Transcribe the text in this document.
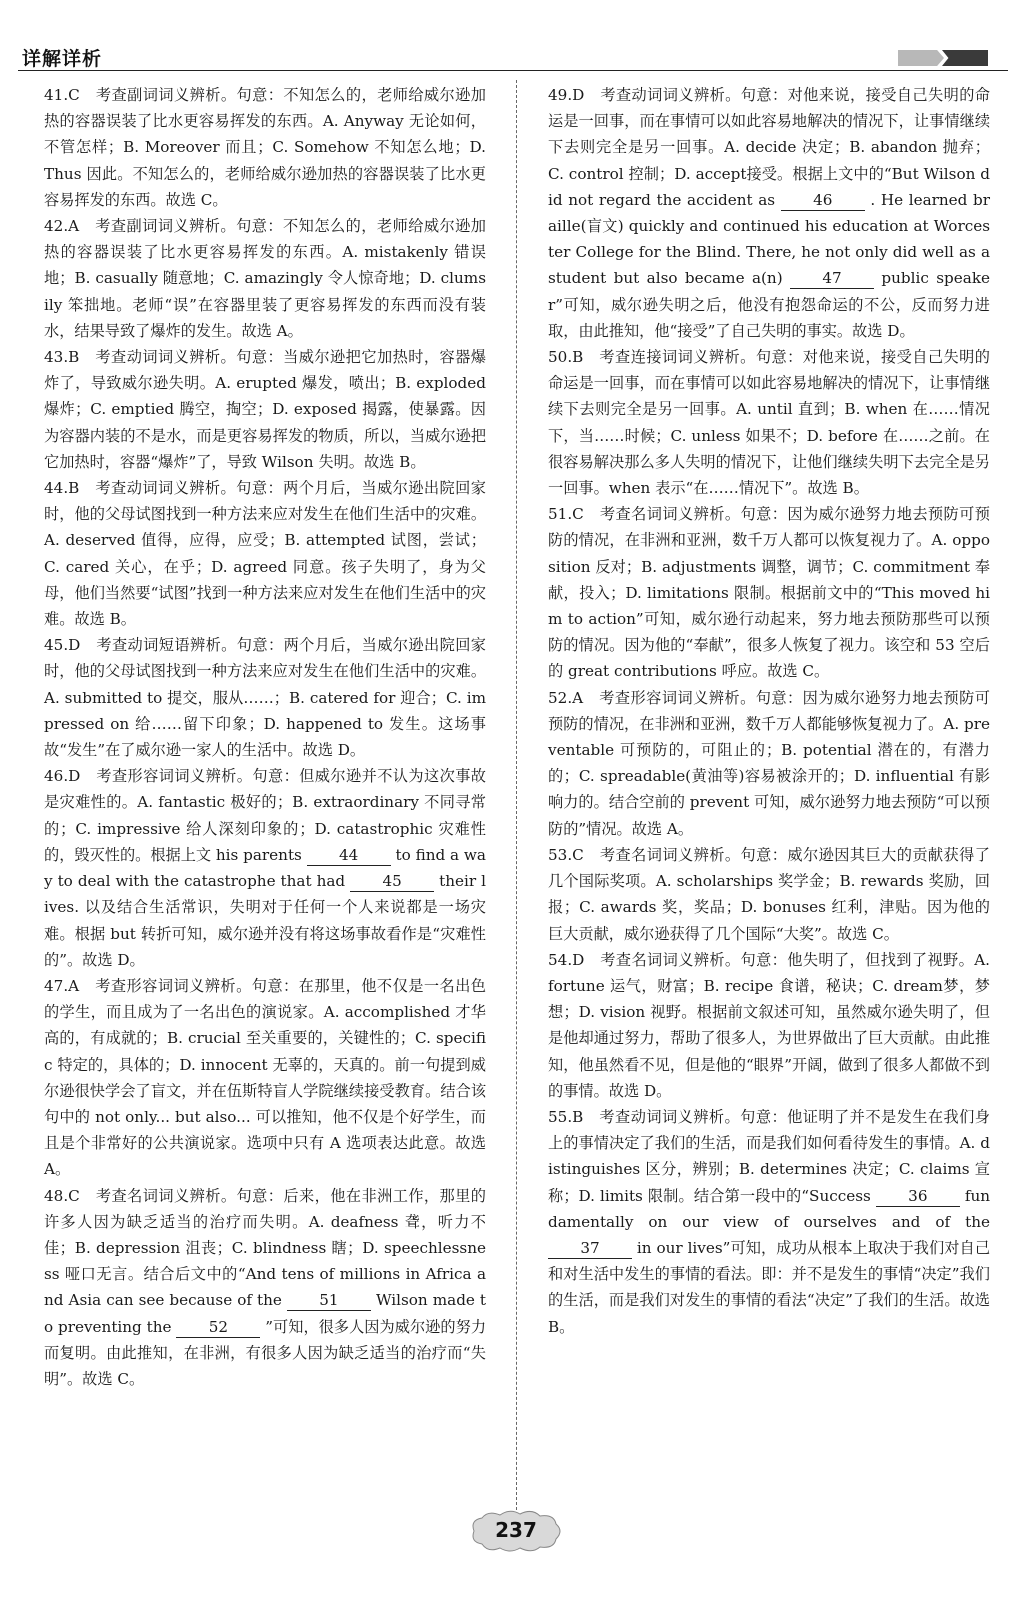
详解详析

41.C　考查副词词义辨析。句意：不知怎么的，老师给威尔逊加热的容器误装了比水更容易挥发的东西。A. Anyway 无论如何，不管怎样；B. Moreover 而且；C. Somehow 不知怎么地；D. Thus 因此。不知怎么的，老师给威尔逊加热的容器误装了比水更容易挥发的东西。故选 C。

42.A　考查副词词义辨析。句意：不知怎么的，老师给威尔逊加热的容器误装了比水更容易挥发的东西。A. mistakenly 错误地；B. casually 随意地；C. amazingly 令人惊奇地；D. clumsily 笨拙地。老师“误”在容器里装了更容易挥发的东西而没有装水，结果导致了爆炸的发生。故选 A。

43.B　考查动词词义辨析。句意：当威尔逊把它加热时，容器爆炸了，导致威尔逊失明。A. erupted 爆发，喷出；B. exploded爆炸；C. emptied 腾空，掏空；D. exposed 揭露，使暴露。因为容器内装的不是水，而是更容易挥发的物质，所以，当威尔逊把它加热时，容器“爆炸”了，导致 Wilson 失明。故选 B。

44.B　考查动词词义辨析。句意：两个月后，当威尔逊出院回家时，他的父母试图找到一种方法来应对发生在他们生活中的灾难。A. deserved 值得，应得，应受；B. attempted 试图，尝试；C. cared 关心，在乎；D. agreed 同意。孩子失明了，身为父母，他们当然要“试图”找到一种方法来应对发生在他们生活中的灾难。故选 B。

45.D　考查动词短语辨析。句意：两个月后，当威尔逊出院回家时，他的父母试图找到一种方法来应对发生在他们生活中的灾难。A. submitted to 提交，服从……；B. catered for 迎合；C. impressed on 给……留下印象；D. happened to 发生。这场事故“发生”在了威尔逊一家人的生活中。故选 D。

46.D　考查形容词词义辨析。句意：但威尔逊并不认为这次事故是灾难性的。A. fantastic 极好的；B. extraordinary 不同寻常的；C. impressive 给人深刻印象的；D. catastrophic 灾难性的，毁灭性的。根据上文 his parents 44 to find a way to deal with the catastrophe that had 45 their lives. 以及结合生活常识，失明对于任何一个人来说都是一场灾难。根据 but 转折可知，威尔逊并没有将这场事故看作是“灾难性的”。故选 D。

47.A　考查形容词词义辨析。句意：在那里，他不仅是一名出色的学生，而且成为了一名出色的演说家。A. accomplished 才华高的，有成就的；B. crucial 至关重要的，关键性的；C. specific 特定的，具体的；D. innocent 无辜的，天真的。前一句提到威尔逊很快学会了盲文，并在伍斯特盲人学院继续接受教育。结合该句中的 not only... but also... 可以推知，他不仅是个好学生，而且是个非常好的公共演说家。选项中只有 A 选项表达此意。故选 A。

48.C　考查名词词义辨析。句意：后来，他在非洲工作，那里的许多人因为缺乏适当的治疗而失明。A. deafness 聋，听力不佳；B. depression 沮丧；C. blindness 瞎；D. speechlessness 哑口无言。结合后文中的“And tens of millions in Africa and Asia can see because of the 51 Wilson made to preventing the 52 ”可知，很多人因为威尔逊的努力而复明。由此推知，在非洲，有很多人因为缺乏适当的治疗而“失明”。故选 C。

49.D　考查动词词义辨析。句意：对他来说，接受自己失明的命运是一回事，而在事情可以如此容易地解决的情况下，让事情继续下去则完全是另一回事。A. decide 决定；B. abandon 抛弃；C. control 控制；D. accept接受。根据上文中的“But Wilson did not regard the accident as 46	. He learned braille(盲文) quickly and continued his education at Worcester College for the Blind. There, he not only did well as a student but also became a(n)	47	public speaker”可知，威尔逊失明之后，他没有抱怨命运的不公，反而努力进取，由此推知，他“接受”了自己失明的事实。故选 D。

50.B　考查连接词词义辨析。句意：对他来说，接受自己失明的命运是一回事，而在事情可以如此容易地解决的情况下，让事情继续下去则完全是另一回事。A. until 直到；B. when 在……情况下，当……时候；C. unless 如果不；D. before 在……之前。在很容易解决那么多人失明的情况下，让他们继续失明下去完全是另一回事。when 表示“在……情况下”。故选 B。

51.C　考查名词词义辨析。句意：因为威尔逊努力地去预防可预防的情况，在非洲和亚洲，数千万人都可以恢复视力了。A. opposition 反对；B. adjustments 调整，调节；C. commitment 奉献，投入；D. limitations 限制。根据前文中的“This moved him to action”可知，威尔逊行动起来，努力地去预防那些可以预防的情况。因为他的“奉献”，很多人恢复了视力。该空和 53 空后的 great contributions 呼应。故选 C。

52.A　考查形容词词义辨析。句意：因为威尔逊努力地去预防可预防的情况，在非洲和亚洲，数千万人都能够恢复视力了。A. preventable 可预防的，可阻止的；B. potential 潜在的，有潜力的；C. spreadable(黄油等)容易被涂开的；D. influential 有影响力的。结合空前的 prevent 可知，威尔逊努力地去预防“可以预防的”情况。故选 A。

53.C　考查名词词义辨析。句意：威尔逊因其巨大的贡献获得了几个国际奖项。A. scholarships 奖学金；B. rewards 奖励，回报；C. awards 奖，奖品；D. bonuses 红利，津贴。因为他的巨大贡献，威尔逊获得了几个国际“大奖”。故选 C。

54.D　考查名词词义辨析。句意：他失明了，但找到了视野。A. fortune 运气，财富；B. recipe 食谱，秘诀；C. dream梦，梦想；D. vision 视野。根据前文叙述可知，虽然威尔逊失明了，但是他却通过努力，帮助了很多人，为世界做出了巨大贡献。由此推知，他虽然看不见，但是他的“眼界”开阔，做到了很多人都做不到的事情。故选 D。

55.B　考查动词词义辨析。句意：他证明了并不是发生在我们身上的事情决定了我们的生活，而是我们如何看待发生的事情。A. distinguishes 区分，辨别；B. determines 决定；C. claims 宣称；D. limits 限制。结合第一段中的“Success 36 fundamentally on our view of ourselves and of the 37 in our lives”可知，成功从根本上取决于我们对自己和对生活中发生的事情的看法。即：并不是发生的事情“决定”我们的生活，而是我们对发生的事情的看法“决定”了我们的生活。故选 B。

237
